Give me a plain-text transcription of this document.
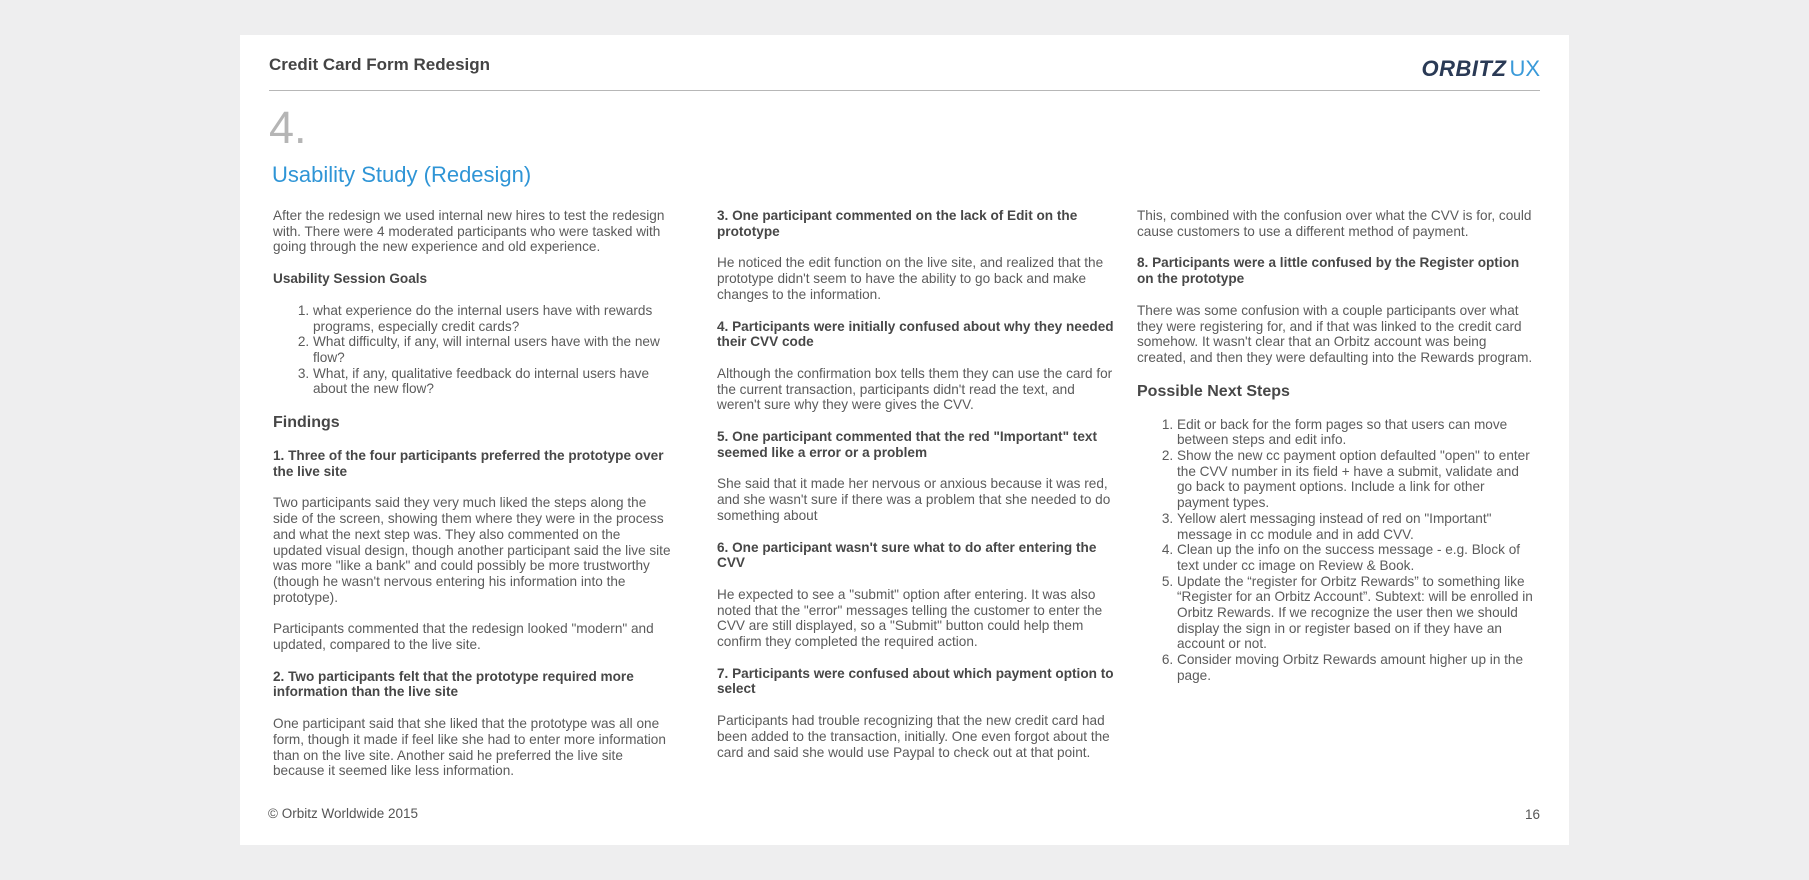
Credit Card Form Redesign	ORBITZ UX
4.
Usability Study (Redesign)

After the redesign we used internal new hires to test the redesign with. There were 4 moderated participants who were tasked with going through the new experience and old experience.

Usability Session Goals

1. what experience do the internal users have with rewards programs, especially credit cards?
2. What difficulty, if any, will internal users have with the new flow?
3. What, if any, qualitative feedback do internal users have about the new flow?
Findings

1. Three of the four participants preferred the prototype over the live site

Two participants said they very much liked the steps along the side of the screen, showing them where they were in the process and what the next step was. They also commented on the updated visual design, though another participant said the live site was more "like a bank" and could possibly be more trustworthy (though he wasn't nervous entering his information into the prototype).

Participants commented that the redesign looked "modern" and updated, compared to the live site.

2. Two participants felt that the prototype required more information than the live site

One participant said that she liked that the prototype was all one form, though it made if feel like she had to enter more information than on the live site. Another said he preferred the live site because it seemed like less information.

3. One participant commented on the lack of Edit on the prototype

He noticed the edit function on the live site, and realized that the prototype didn't seem to have the ability to go back and make changes to the information.

4. Participants were initially confused about why they needed their CVV code

Although the confirmation box tells them they can use the card for the current transaction, participants didn't read the text, and weren't sure why they were gives the CVV.

5. One participant commented that the red "Important" text seemed like a error or a problem

She said that it made her nervous or anxious because it was red, and she wasn't sure if there was a problem that she needed to do something about

6. One participant wasn't sure what to do after entering the CVV

He expected to see a "submit" option after entering. It was also noted that the "error" messages telling the customer to enter the CVV are still displayed, so a "Submit" button could help them confirm they completed the required action.

7. Participants were confused about which payment option to select

Participants had trouble recognizing that the new credit card had been added to the transaction, initially. One even forgot about the card and said she would use Paypal to check out at that point.

This, combined with the confusion over what the CVV is for, could cause customers to use a different method of payment.

8. Participants were a little confused by the Register option on the prototype

There was some confusion with a couple participants over what they were registering for, and if that was linked to the credit card somehow. It wasn't clear that an Orbitz account was being created, and then they were defaulting into the Rewards program.

Possible Next Steps
1. Edit or back for the form pages so that users can move between steps and edit info.
2. Show the new cc payment option defaulted "open" to enter the CVV number in its field + have a submit, validate and go back to payment options. Include a link for other payment types.
3. Yellow alert messaging instead of red on "Important" message in cc module and in add CVV.
4. Clean up the info on the success message - e.g. Block of text under cc image on Review & Book.
5. Update the “register for Orbitz Rewards” to something like “Register for an Orbitz Account”. Subtext: will be enrolled in Orbitz Rewards. If we recognize the user then we should display the sign in or register based on if they have an account or not.
6. Consider moving Orbitz Rewards amount higher up in the page.
© Orbitz Worldwide 2015	16
